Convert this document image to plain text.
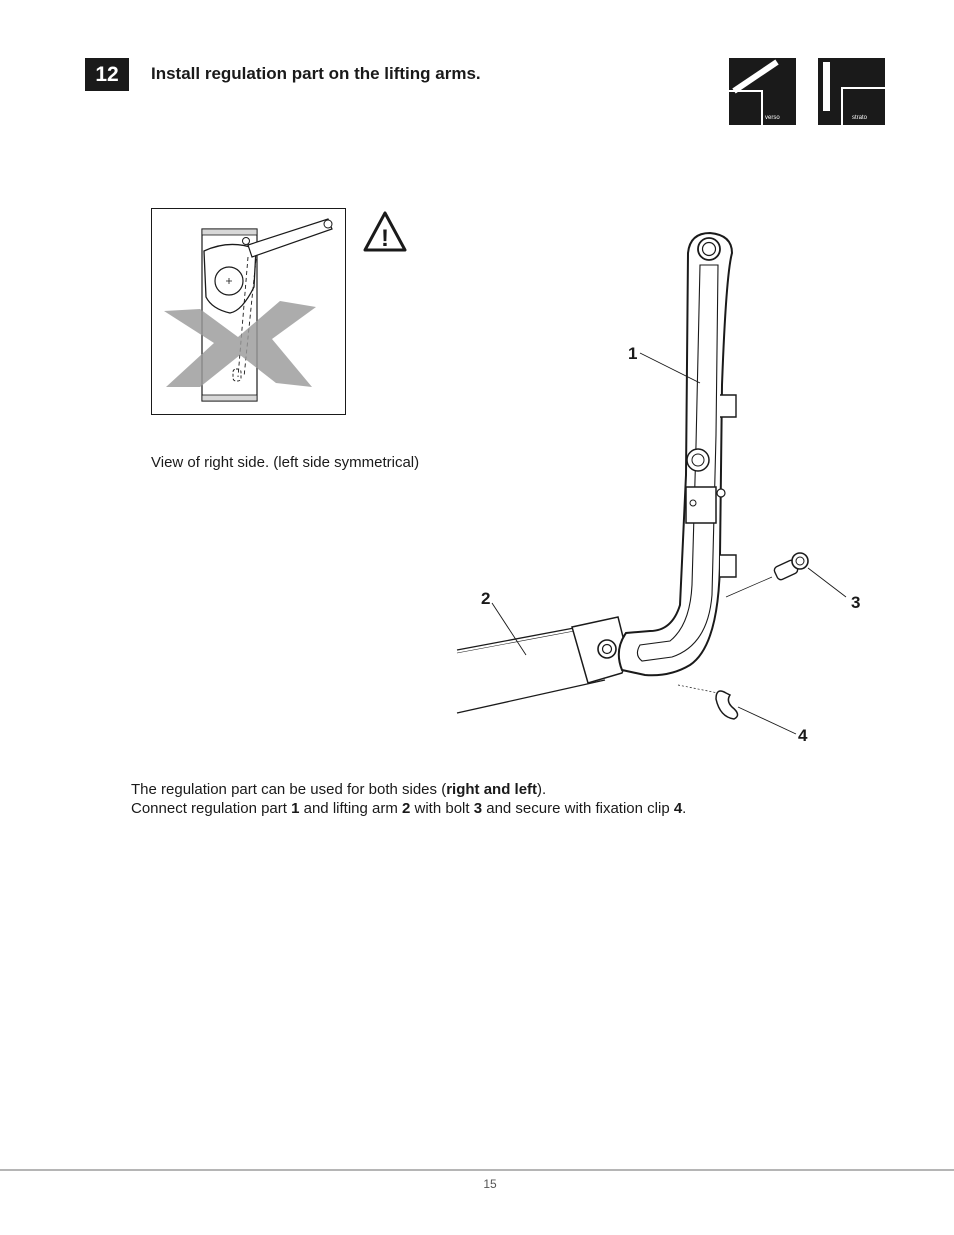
12	Install regulation part on the lifting arms.
verso	strato
!
View of right side. (left side symmetrical)
1
2	3
4
The regulation part can be used for both sides (right and left).
Connect regulation part 1 and lifting arm 2 with bolt 3 and secure with fixation clip 4.
15
